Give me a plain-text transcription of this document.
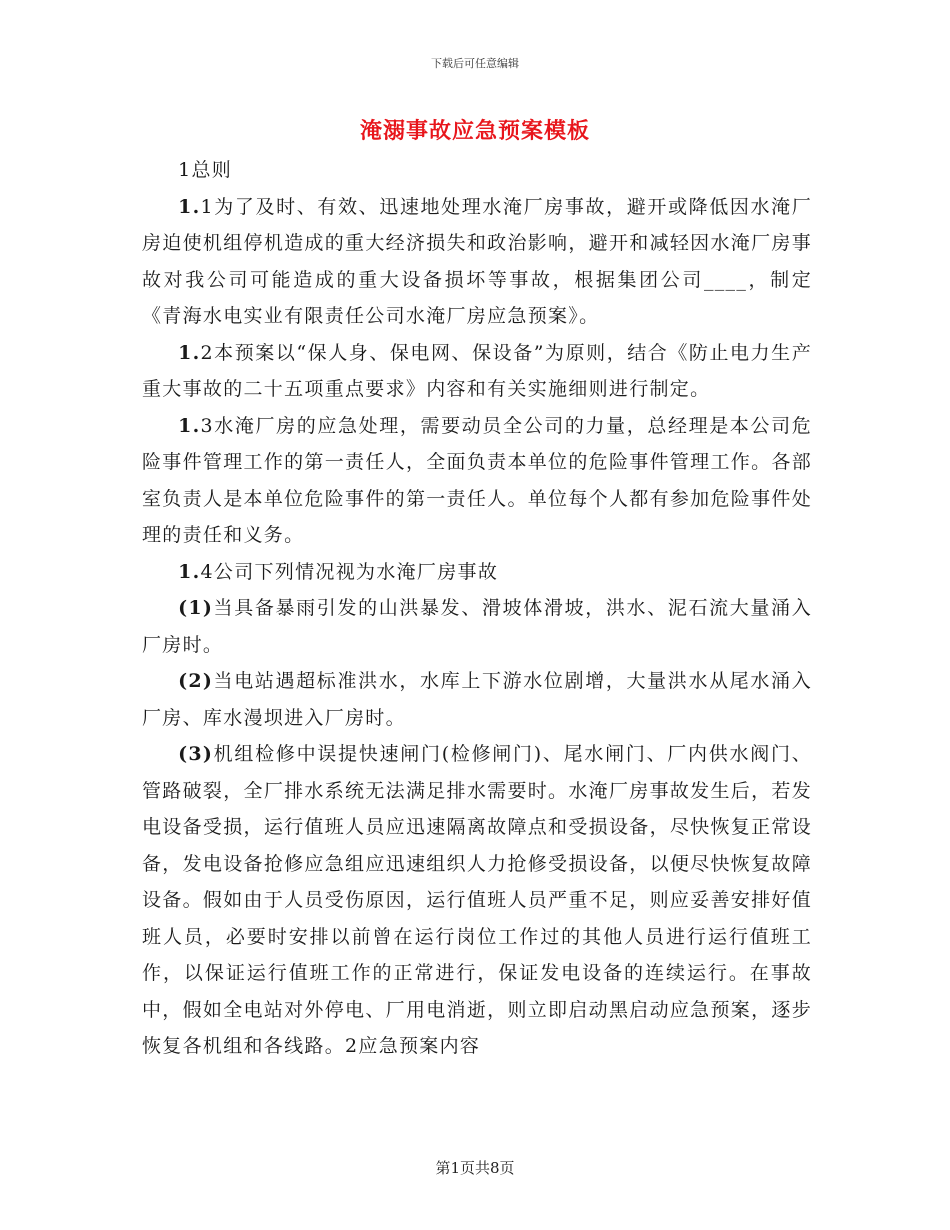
下载后可任意编辑
淹溺事故应急预案模板

1总则

1.1为了及时、有效、迅速地处理水淹厂房事故，避开或降低因水淹厂房迫使机组停机造成的重大经济损失和政治影响，避开和减轻因水淹厂房事故对我公司可能造成的重大设备损坏等事故，根据集团公司____，制定《青海水电实业有限责任公司水淹厂房应急预案》。

1.2本预案以“保人身、保电网、保设备”为原则，结合《防止电力生产重大事故的二十五项重点要求》内容和有关实施细则进行制定。

1.3水淹厂房的应急处理，需要动员全公司的力量，总经理是本公司危险事件管理工作的第一责任人，全面负责本单位的危险事件管理工作。各部室负责人是本单位危险事件的第一责任人。单位每个人都有参加危险事件处理的责任和义务。

1.4公司下列情况视为水淹厂房事故

(1)当具备暴雨引发的山洪暴发、滑坡体滑坡，洪水、泥石流大量涌入厂房时。

(2)当电站遇超标准洪水，水库上下游水位剧增，大量洪水从尾水涌入厂房、库水漫坝进入厂房时。

(3)机组检修中误提快速闸门(检修闸门)、尾水闸门、厂内供水阀门、管路破裂，全厂排水系统无法满足排水需要时。水淹厂房事故发生后，若发电设备受损，运行值班人员应迅速隔离故障点和受损设备，尽快恢复正常设备，发电设备抢修应急组应迅速组织人力抢修受损设备，以便尽快恢复故障设备。假如由于人员受伤原因，运行值班人员严重不足，则应妥善安排好值班人员，必要时安排以前曾在运行岗位工作过的其他人员进行运行值班工作，以保证运行值班工作的正常进行，保证发电设备的连续运行。在事故中，假如全电站对外停电、厂用电消逝，则立即启动黑启动应急预案，逐步恢复各机组和各线路。2应急预案内容

第1页共8页
